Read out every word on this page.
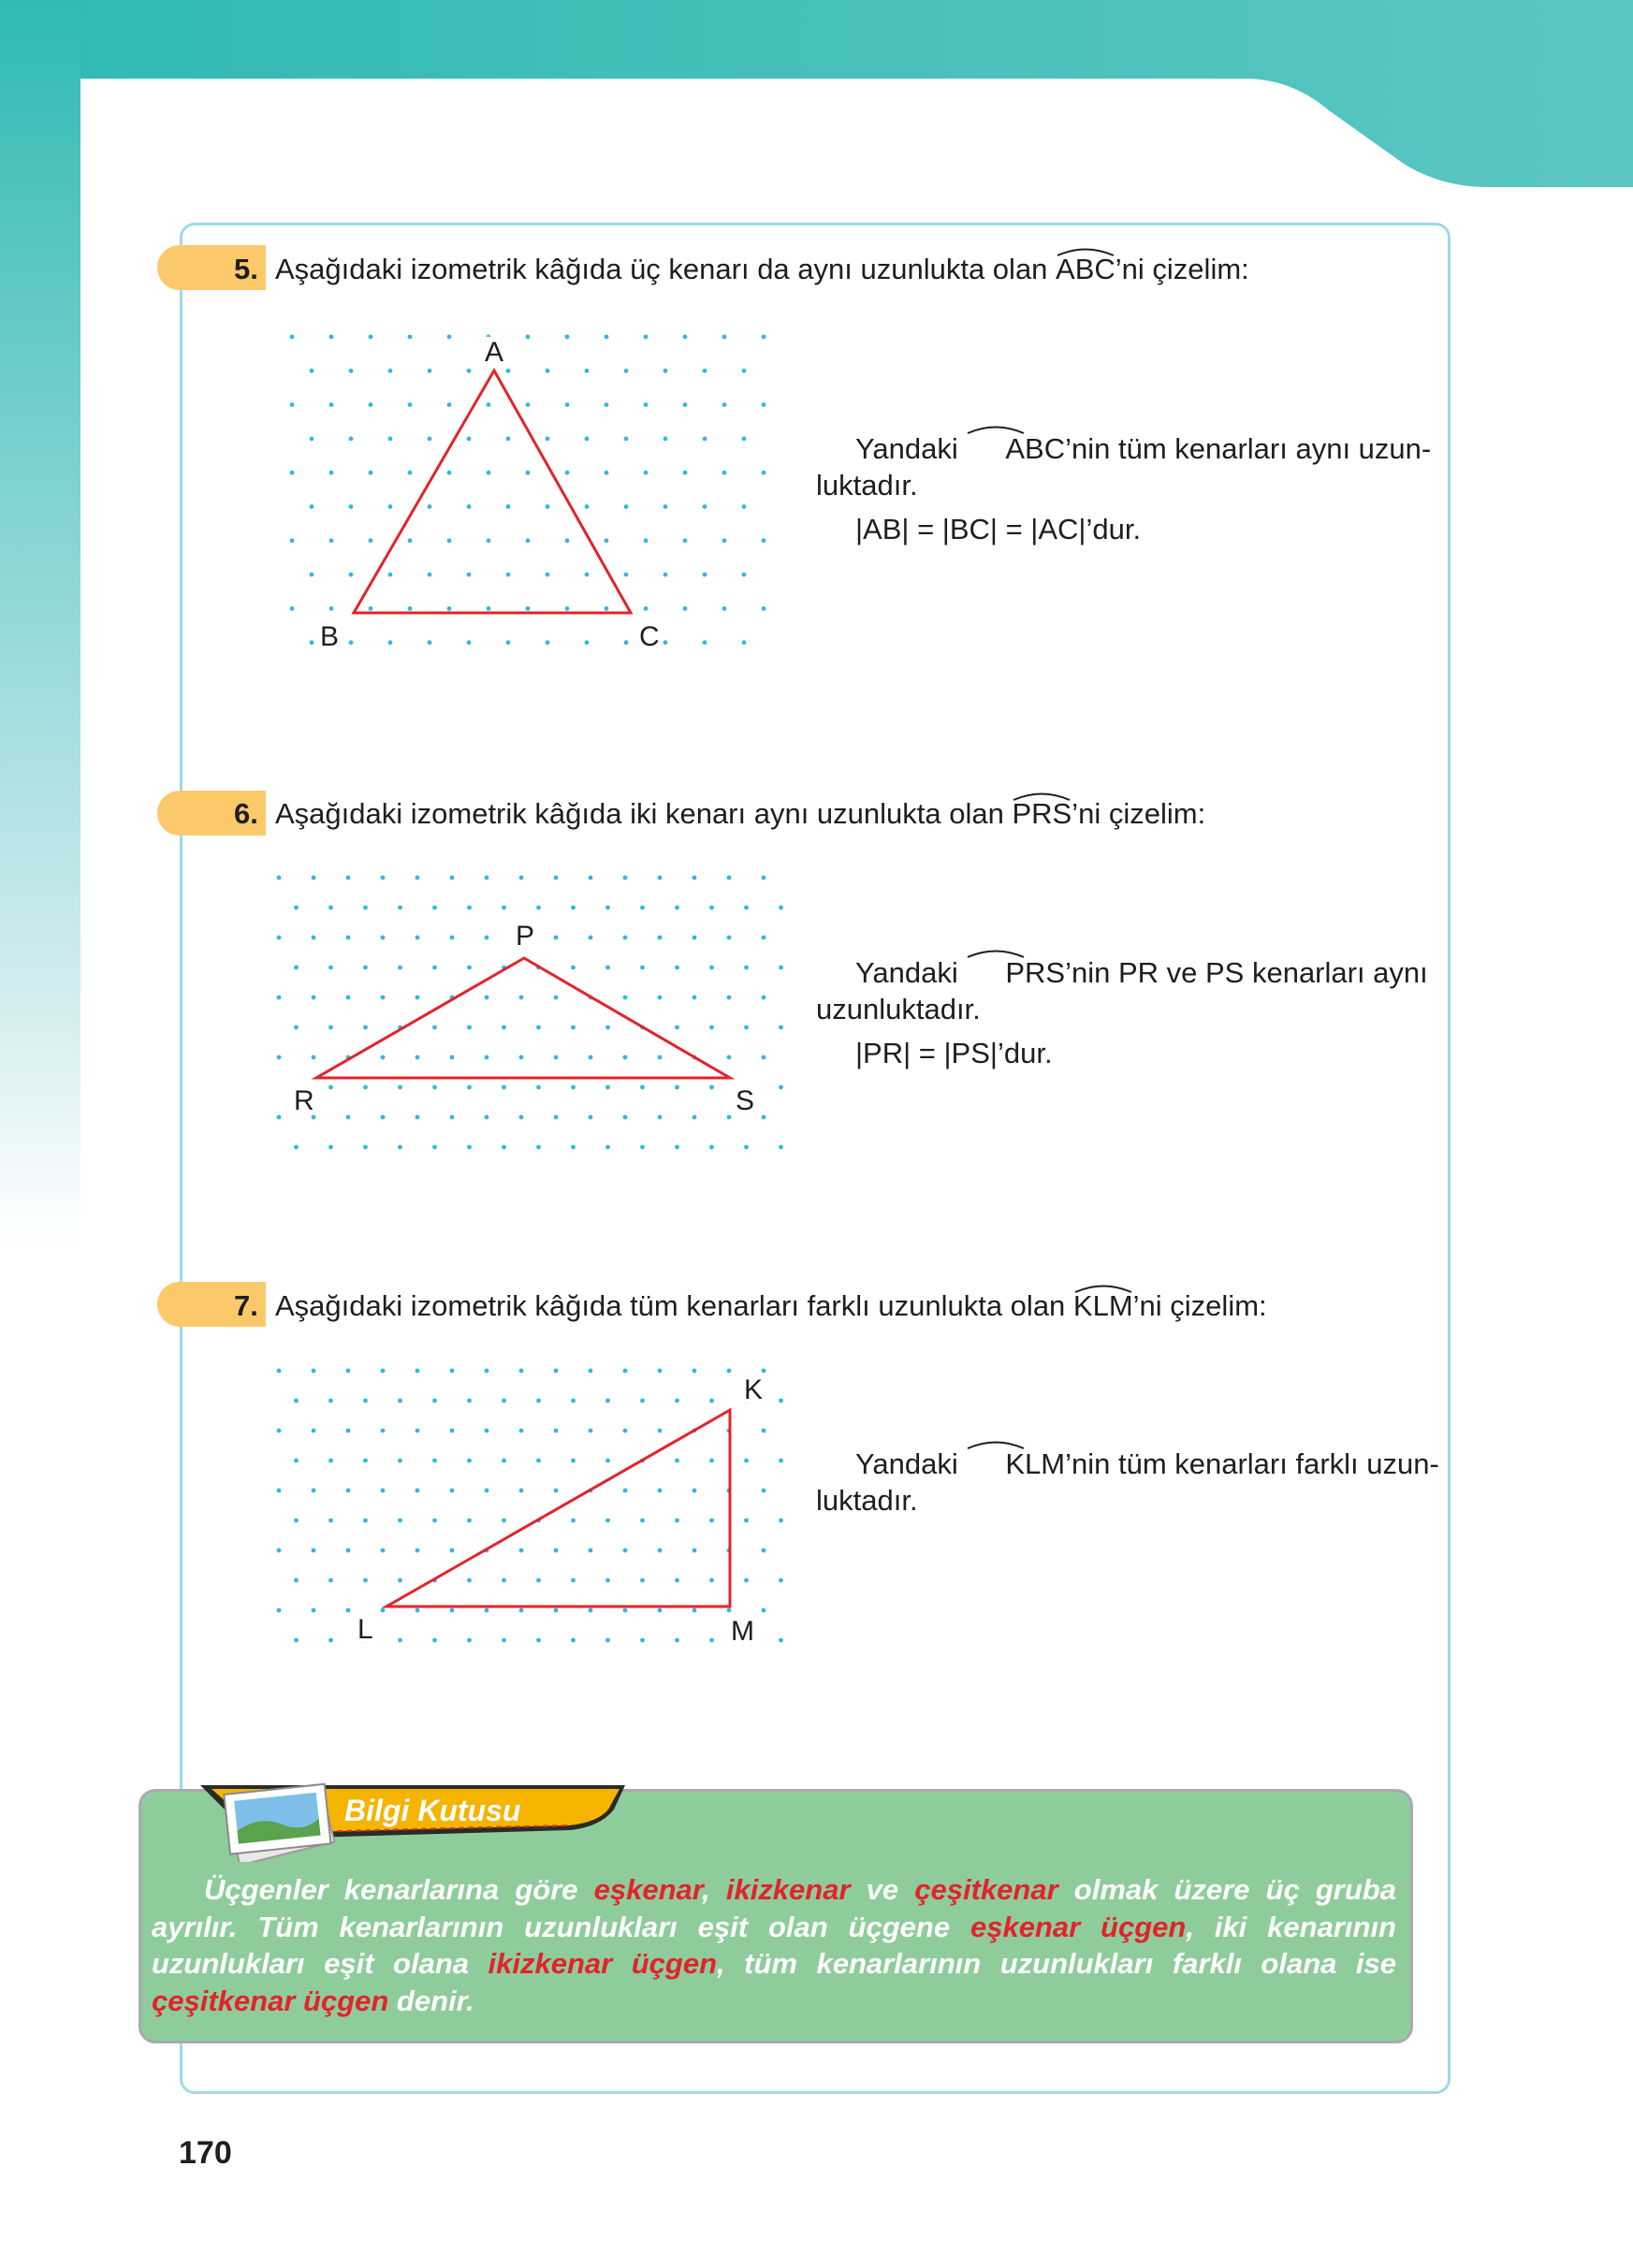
5. Aşağıdaki izometrik kâğıda üç kenarı da aynı uzunlukta olan
ABC’ni çizelim:
A
B	C

Yandaki
ABC’nin tüm kenarları aynı uzun-

luktadır.

|AB| = |BC| = |AC|’dur.

6. Aşağıdaki izometrik kâğıda iki kenarı aynı uzunlukta olan
PRS’ni çizelim:
P
R	S

Yandaki
PRS’nin PR ve PS kenarları aynı

uzunluktadır.

|PR| = |PS|’dur.

7. Aşağıdaki izometrik kâğıda tüm kenarları farklı uzunlukta olan
KLM’ni çizelim:
K
L	M

Yandaki
KLM’nin tüm kenarları farklı uzun-

luktadır.

Bilgi Kutusu
Üçgenler kenarlarına göre eşkenar, ikizkenar ve çeşitkenar olmak üzere üç gruba ayrılır. Tüm kenarlarının uzunlukları eşit olan üçgene eşkenar üçgen, iki kenarının uzunlukları eşit olana ikizkenar üçgen, tüm kenarlarının uzunlukları farklı olana ise çeşitkenar üçgen denir.
170
